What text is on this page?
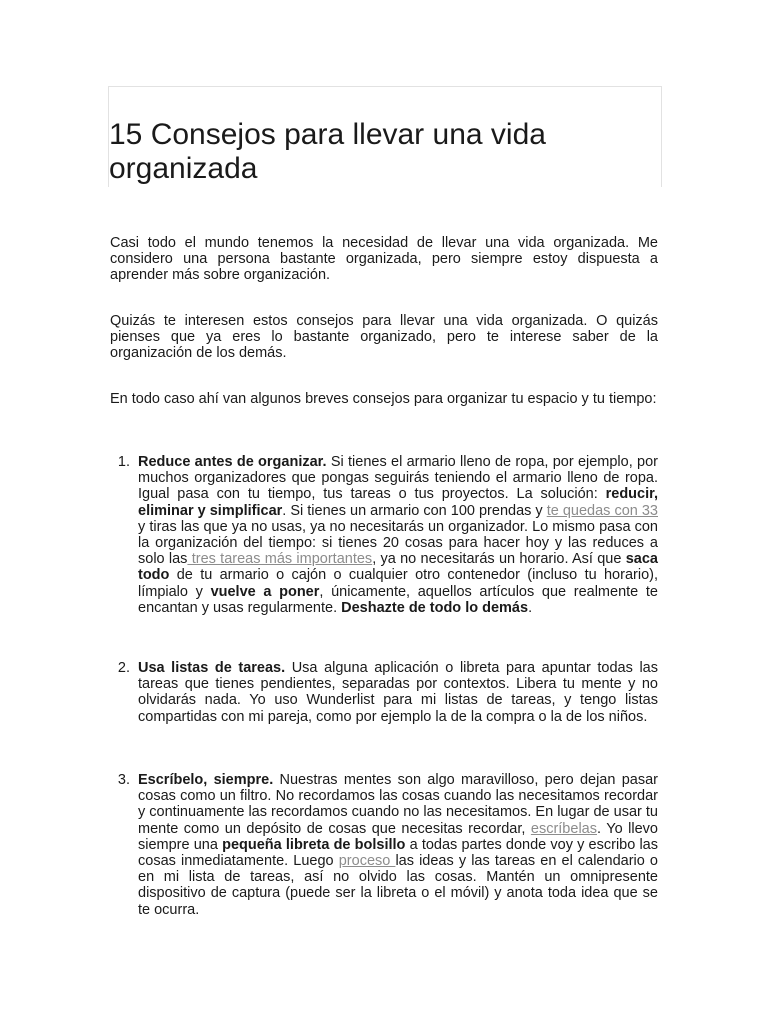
15 Consejos para llevar una vida organizada

Casi todo el mundo tenemos la necesidad de llevar una vida organizada. Me considero una persona bastante organizada, pero siempre estoy dispuesta a aprender más sobre organización.

Quizás te interesen estos consejos para llevar una vida organizada. O quizás pienses que ya eres lo bastante organizado, pero te interese saber de la organización de los demás.

En todo caso ahí van algunos breves consejos para organizar tu espacio y tu tiempo:

1. Reduce antes de organizar. Si tienes el armario lleno de ropa, por ejemplo, por muchos organizadores que pongas seguirás teniendo el armario lleno de ropa. Igual pasa con tu tiempo, tus tareas o tus proyectos. La solución: reducir, eliminar y simplificar. Si tienes un armario con 100 prendas y te quedas con 33 y tiras las que ya no usas, ya no necesitarás un organizador. Lo mismo pasa con la organización del tiempo: si tienes 20 cosas para hacer hoy y las reduces a solo las tres tareas más importantes, ya no necesitarás un horario. Así que saca todo de tu armario o cajón o cualquier otro contenedor (incluso tu horario), límpialo y vuelve a poner, únicamente, aquellos artículos que realmente te encantan y usas regularmente. Deshazte de todo lo demás.
2. Usa listas de tareas. Usa alguna aplicación o libreta para apuntar todas las tareas que tienes pendientes, separadas por contextos. Libera tu mente y no olvidarás nada. Yo uso Wunderlist para mi listas de tareas, y tengo listas compartidas con mi pareja, como por ejemplo la de la compra o la de los niños.
3. Escríbelo, siempre. Nuestras mentes son algo maravilloso, pero dejan pasar cosas como un filtro. No recordamos las cosas cuando las necesitamos recordar y continuamente las recordamos cuando no las necesitamos. En lugar de usar tu mente como un depósito de cosas que necesitas recordar, escríbelas. Yo llevo siempre una pequeña libreta de bolsillo a todas partes donde voy y escribo las cosas inmediatamente. Luego proceso las ideas y las tareas en el calendario o en mi lista de tareas, así no olvido las cosas. Mantén un omnipresente dispositivo de captura (puede ser la libreta o el móvil) y anota toda idea que se te ocurra.
